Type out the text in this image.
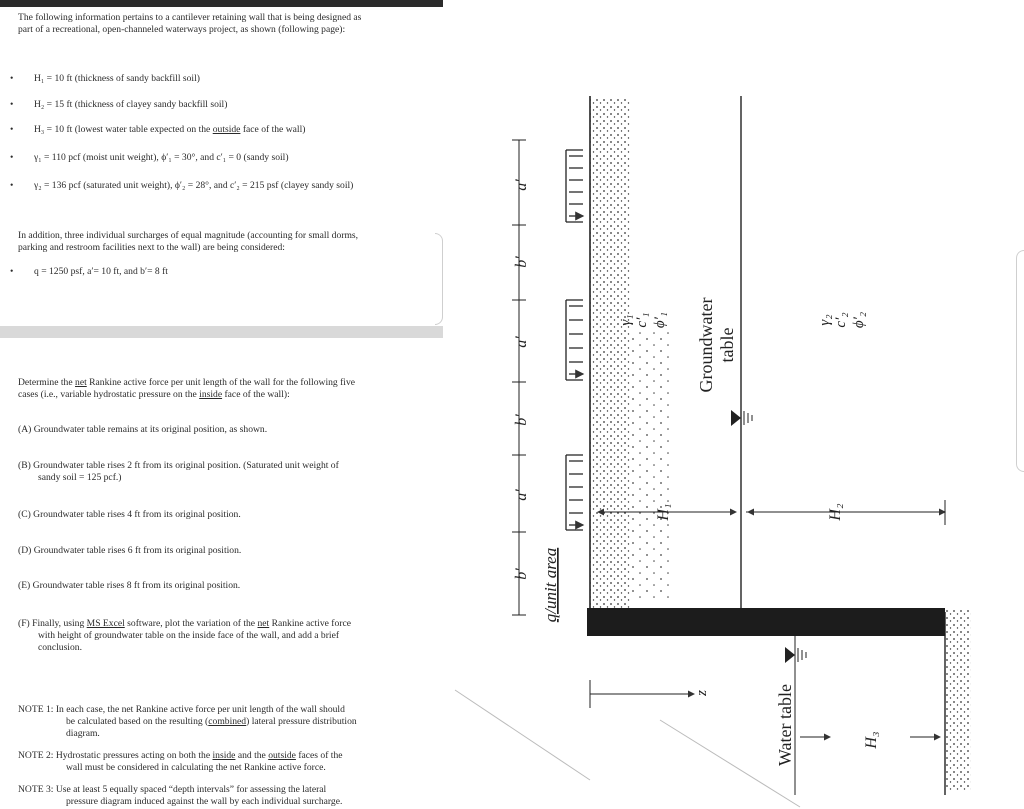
The following information pertains to a cantilever retaining wall that is being designed as

part of a recreational, open-channeled waterways project, as shown (following page):

• H₁ = 10 ft (thickness of sandy backfill soil)
• H₂ = 15 ft (thickness of clayey sandy backfill soil)
• H₃ = 10 ft (lowest water table expected on the outside face of the wall)
• γ₁ = 110 pcf (moist unit weight), ϕ′₁ = 30°, and c′₁ = 0 (sandy soil)
• γ₂ = 136 pcf (saturated unit weight), ϕ′₂ = 28°, and c′₂ = 215 psf (clayey sandy soil)

In addition, three individual surcharges of equal magnitude (accounting for small dorms,

parking and restroom facilities next to the wall) are being considered:

• q = 1250 psf, a′= 10 ft, and b′= 8 ft

Determine the net Rankine active force per unit length of the wall for the following five

cases (i.e., variable hydrostatic pressure on the inside face of the wall):

(A) Groundwater table remains at its original position, as shown.

(B) Groundwater table rises 2 ft from its original position. (Saturated unit weight of

sandy soil = 125 pcf.)

(C) Groundwater table rises 4 ft from its original position.

(D) Groundwater table rises 6 ft from its original position.

(E) Groundwater table rises 8 ft from its original position.

(F) Finally, using MS Excel software, plot the variation of the net Rankine active force

with height of groundwater table on the inside face of the wall, and add a brief

conclusion.

NOTE 1: In each case, the net Rankine active force per unit length of the wall should

be calculated based on the resulting (combined) lateral pressure distribution

diagram.

NOTE 2: Hydrostatic pressures acting on both the inside and the outside faces of the

wall must be considered in calculating the net Rankine active force.

NOTE 3: Use at least 5 equally spaced “depth intervals” for assessing the lateral

pressure diagram induced against the wall by each individual surcharge.

a′
b′
a′
b′
a′
b′ q/unit area
γ₁ c′₁ ϕ′₁	γ₂ c′₂ ϕ′₂
H₁	H₂
H₃
z
Groundwater table
Water table
